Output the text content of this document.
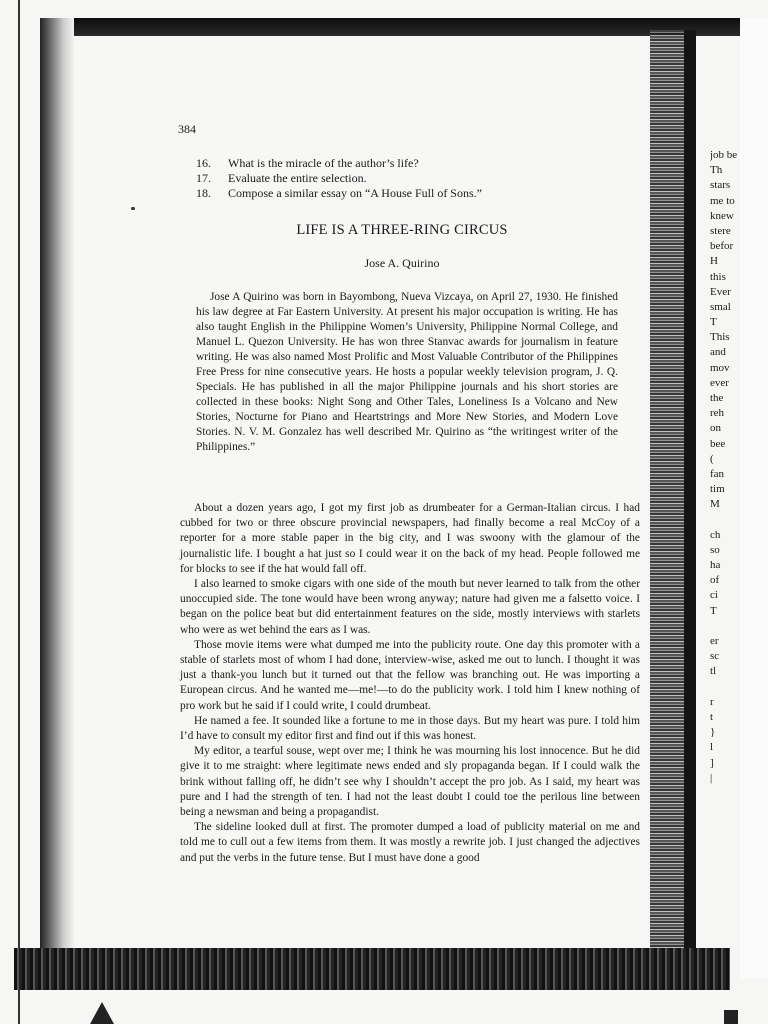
384
16.	What is the miracle of the author’s life?
17.	Evaluate the entire selection.
18.	Compose a similar essay on “A House Full of Sons.”
LIFE IS A THREE-RING CIRCUS
Jose A. Quirino

Jose A Quirino was born in Bayombong, Nueva Vizcaya, on April 27, 1930. He finished his law degree at Far Eastern University. At present his major occupation is writing. He has also taught English in the Philippine Women’s University, Philippine Normal College, and Manuel L. Quezon University. He has won three Stanvac awards for journalism in feature writing. He was also named Most Prolific and Most Valuable Contributor of the Philippines Free Press for nine consecutive years. He hosts a popular weekly television program, J. Q. Specials. He has published in all the major Philippine journals and his short stories are collected in these books: Night Song and Other Tales, Loneliness Is a Volcano and New Stories, Nocturne for Piano and Heartstrings and More New Stories, and Modern Love Stories. N. V. M. Gonzalez has well described Mr. Quirino as “the writingest writer of the Philippines.”

About a dozen years ago, I got my first job as drumbeater for a German-Italian circus. I had cubbed for two or three obscure provincial newspapers, had finally become a real McCoy of a reporter for a more stable paper in the big city, and I was swoony with the glamour of the journalistic life. I bought a hat just so I could wear it on the back of my head. People followed me for blocks to see if the hat would fall off.

I also learned to smoke cigars with one side of the mouth but never learned to talk from the other unoccupied side. The tone would have been wrong anyway; nature had given me a falsetto voice. I began on the police beat but did entertainment features on the side, mostly interviews with starlets who were as wet behind the ears as I was.

Those movie items were what dumped me into the publicity route. One day this promoter with a stable of starlets most of whom I had done, interview-wise, asked me out to lunch. I thought it was just a thank-you lunch but it turned out that the fellow was branching out. He was importing a European circus. And he wanted me—me!—to do the publicity work. I told him I knew nothing of pro work but he said if I could write, I could drumbeat.

He named a fee. It sounded like a fortune to me in those days. But my heart was pure. I told him I’d have to consult my editor first and find out if this was honest.

My editor, a tearful souse, wept over me; I think he was mourning his lost innocence. But he did give it to me straight: where legitimate news ended and sly propaganda began. If I could walk the brink without falling off, he didn’t see why I shouldn’t accept the pro job. As I said, my heart was pure and I had the strength of ten. I had not the least doubt I could toe the perilous line between being a newsman and being a propagandist.

The sideline looked dull at first. The promoter dumped a load of publicity material on me and told me to cull out a few items from them. It was mostly a rewrite job. I just changed the adjectives and put the verbs in the future tense. But I must have done a good

job be
Th
stars
me to
knew
stere
befor
H
this
Ever
smal
T
This
and
mov
ever
the
reh
on
bee
(
fan
tim
M
ch
so
ha
of
ci
T
er
sc
tl
r
t
}
l
]
|
